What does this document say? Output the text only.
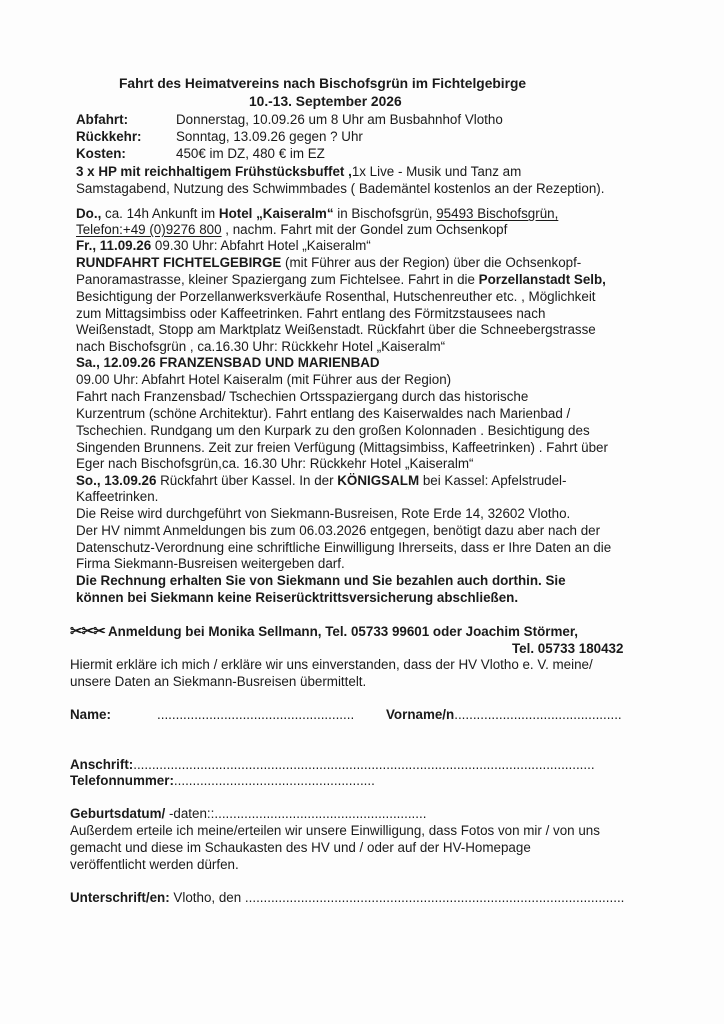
Fahrt des Heimatvereins nach Bischofsgrün im Fichtelgebirge
10.-13. September 2026
Abfahrt:	Donnerstag, 10.09.26 um 8 Uhr am Busbahnhof Vlotho
Rückkehr:	Sonntag, 13.09.26 gegen ? Uhr
Kosten:	450€ im DZ, 480 € im EZ
3 x HP mit reichhaltigem Frühstücksbuffet ,1x Live - Musik und Tanz am
Samstagabend, Nutzung des Schwimmbades ( Bademäntel kostenlos an der Rezeption).
Do., ca. 14h Ankunft im Hotel „Kaiseralm“ in Bischofsgrün, 95493 Bischofsgrün,
Telefon:+49 (0)9276 800 , nachm. Fahrt mit der Gondel zum Ochsenkopf
Fr., 11.09.26 09.30 Uhr: Abfahrt Hotel „Kaiseralm“
RUNDFAHRT FICHTELGEBIRGE (mit Führer aus der Region) über die Ochsenkopf-
Panoramastrasse, kleiner Spaziergang zum Fichtelsee. Fahrt in die Porzellanstadt Selb,
Besichtigung der Porzellanwerksverkäufe Rosenthal, Hutschenreuther etc. , Möglichkeit
zum Mittagsimbiss oder Kaffeetrinken. Fahrt entlang des Förmitzstausees nach
Weißenstadt, Stopp am Marktplatz Weißenstadt. Rückfahrt über die Schneebergstrasse
nach Bischofsgrün , ca.16.30 Uhr: Rückkehr Hotel „Kaiseralm“
Sa., 12.09.26 FRANZENSBAD UND MARIENBAD
09.00 Uhr: Abfahrt Hotel Kaiseralm (mit Führer aus der Region)
Fahrt nach Franzensbad/ Tschechien Ortsspaziergang durch das historische
Kurzentrum (schöne Architektur). Fahrt entlang des Kaiserwaldes nach Marienbad /
Tschechien. Rundgang um den Kurpark zu den großen Kolonnaden . Besichtigung des
Singenden Brunnens. Zeit zur freien Verfügung (Mittagsimbiss, Kaffeetrinken) . Fahrt über
Eger nach Bischofsgrün,ca. 16.30 Uhr: Rückkehr Hotel „Kaiseralm“
So., 13.09.26 Rückfahrt über Kassel. In der KÖNIGSALM bei Kassel: Apfelstrudel-
Kaffeetrinken.
Die Reise wird durchgeführt von Siekmann-Busreisen, Rote Erde 14, 32602 Vlotho.
Der HV nimmt Anmeldungen bis zum 06.03.2026 entgegen, benötigt dazu aber nach der
Datenschutz-Verordnung eine schriftliche Einwilligung Ihrerseits, dass er Ihre Daten an die
Firma Siekmann-Busreisen weitergeben darf.
Die Rechnung erhalten Sie von Siekmann und Sie bezahlen auch dorthin. Sie
können bei Siekmann keine Reiserücktrittsversicherung abschließen.
✂✂✂ Anmeldung bei Monika Sellmann, Tel. 05733 99601 oder Joachim Störmer,
Tel. 05733 180432
Hiermit erkläre ich mich / erkläre wir uns einverstanden, dass der HV Vlotho e. V. meine/
unsere Daten an Siekmann-Busreisen übermittelt.
Name:	..................................................... Vorname/n.............................................
Anschrift:............................................................................................................................
Telefonnummer:......................................................
Geburtsdatum/ -daten::.........................................................
Außerdem erteile ich meine/erteilen wir unsere Einwilligung, dass Fotos von mir / von uns
gemacht und diese im Schaukasten des HV und / oder auf der HV-Homepage
veröffentlicht werden dürfen.
Unterschrift/en: Vlotho, den ......................................................................................................
